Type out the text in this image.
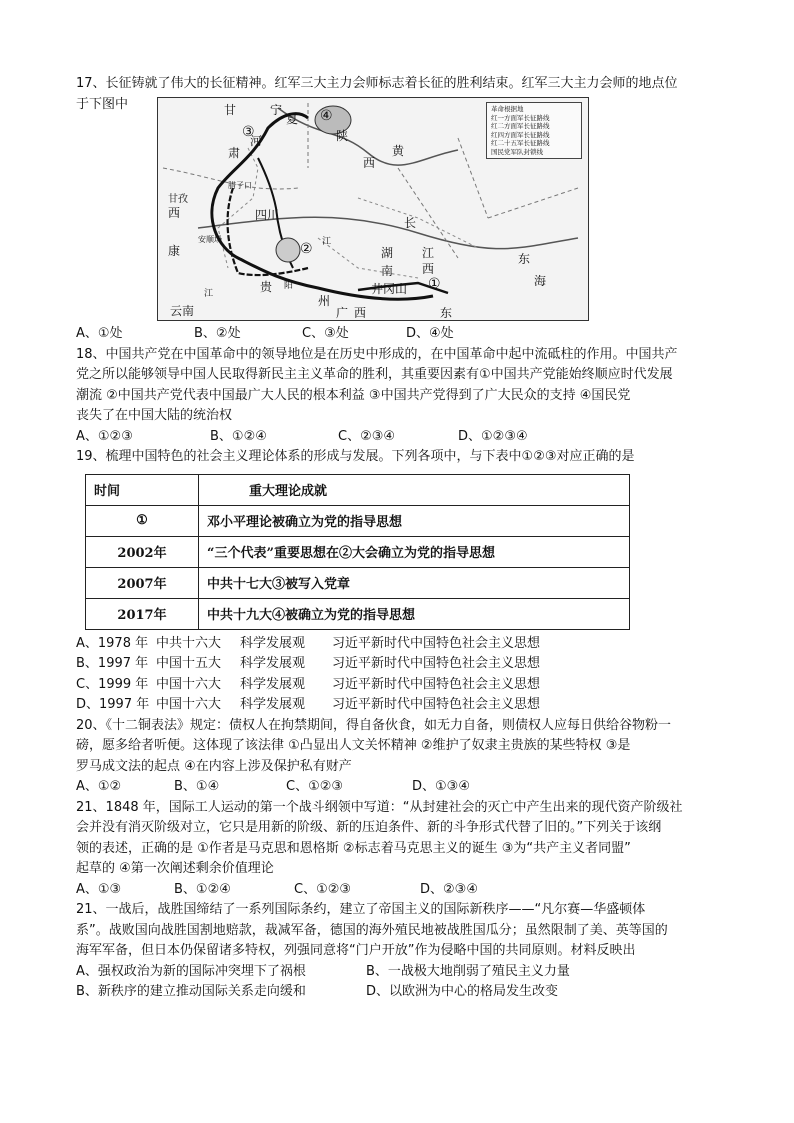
17、长征铸就了伟大的长征精神。红军三大主力会师标志着长征的胜利结束。红军三大主力会师的地点位
于下图中	甘	宁
夏
肃
陕
西
黄
河
腊子口
四川
甘孜
西
康
安顺场	江
长
湖
南
江
西
井冈山
东
海
贵 阳
州
广 西
云南	东
江
③
④
②
①
革命根据地
红一方面军长征路线
红二方面军长征路线
红四方面军长征路线
红二十五军长征路线
国民党军队封锁线
A、①处	B、②处	C、③处	D、④处
18、中国共产党在中国革命中的领导地位是在历史中形成的，在中国革命中起中流砥柱的作用。中国共产
党之所以能够领导中国人民取得新民主主义革命的胜利，其重要因素有①中国共产党能始终顺应时代发展
潮流 ②中国共产党代表中国最广大人民的根本利益 ③中国共产党得到了广大民众的支持 ④国民党
丧失了在中国大陆的统治权
A、①②③	B、①②④	C、②③④	D、①②③④
19、梳理中国特色的社会主义理论体系的形成与发展。下列各项中，与下表中①②③对应正确的是
时间	重大理论成就
①	邓小平理论被确立为党的指导思想
2002年	“三个代表”重要思想在②大会确立为党的指导思想
2007年	中共十七大③被写入党章
2017年	中共十九大④被确立为党的指导思想
A、1978 年 中共十六大	科学发展观	习近平新时代中国特色社会主义思想
B、1997 年 中国十五大	科学发展观	习近平新时代中国特色社会主义思想
C、1999 年 中国十六大	科学发展观	习近平新时代中国特色社会主义思想
D、1997 年 中国十六大	科学发展观	习近平新时代中国特色社会主义思想
20、《十二铜表法》规定：债权人在拘禁期间，得自备伙食，如无力自备，则债权人应每日供给谷物粉一
磅，愿多给者听便。这体现了该法律 ①凸显出人文关怀精神 ②维护了奴隶主贵族的某些特权 ③是
罗马成文法的起点 ④在内容上涉及保护私有财产
A、①②	B、①④	C、①②③	D、①③④
21、1848 年，国际工人运动的第一个战斗纲领中写道：“从封建社会的灭亡中产生出来的现代资产阶级社
会并没有消灭阶级对立，它只是用新的阶级、新的压迫条件、新的斗争形式代替了旧的。”下列关于该纲
领的表述，正确的是 ①作者是马克思和恩格斯 ②标志着马克思主义的诞生 ③为“共产主义者同盟”
起草的 ④第一次阐述剩余价值理论
A、①③	B、①②④	C、①②③	D、②③④
21、一战后，战胜国缔结了一系列国际条约，建立了帝国主义的国际新秩序——“凡尔赛—华盛顿体
系”。战败国向战胜国割地赔款，裁减军备，德国的海外殖民地被战胜国瓜分；虽然限制了美、英等国的
海军军备，但日本仍保留诸多特权，列强同意将“门户开放”作为侵略中国的共同原则。材料反映出
A、强权政治为新的国际冲突埋下了祸根	B、一战极大地削弱了殖民主义力量
B、新秩序的建立推动国际关系走向缓和	D、以欧洲为中心的格局发生改变
